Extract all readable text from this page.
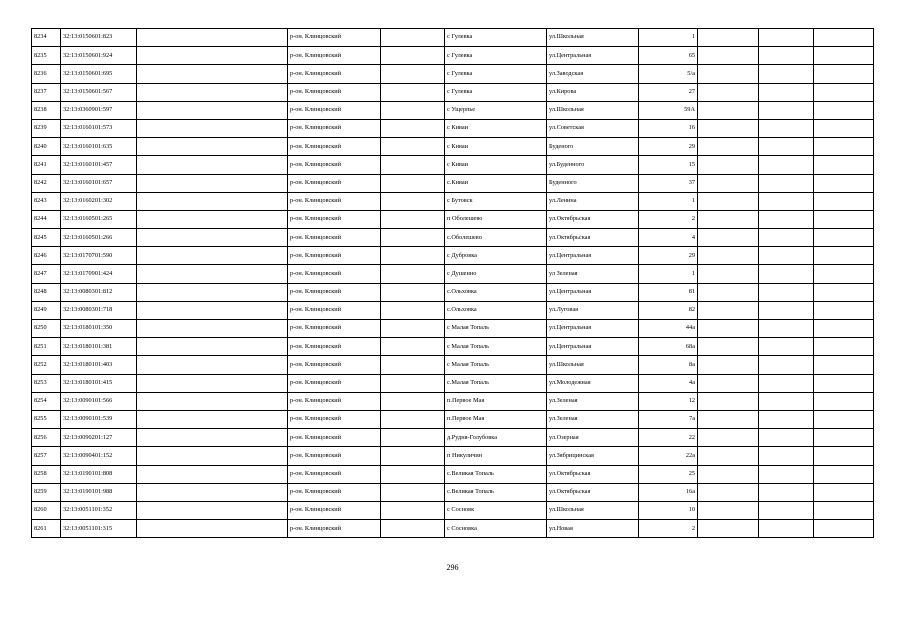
8234	32:13:0150601:823		р-он. Клинцовский		с Гулевка	ул.Школьная	1			
8235	32:13:0150601:924		р-он. Клинцовский		с Гулевка	ул.Центральная	65			
8236	32:13:0150601:695		р-он. Клинцовский		с Гулевка	ул.Заводская	5/а			
8237	32:13:0150601:567		р-он. Клинцовский		с Гулевка	ул.Кирова	27			
8238	32:13:0360901:597		р-он. Клинцовский		с Ущерпье	ул.Школьная	59А			
8239	32:13:0160101:573		р-он. Клинцовский		с Киваи	ул.Советская	16			
8240	32:13:0160101:635		р-он. Клинцовский		с Киваи	Буденого	29			
8241	32:13:0160101:457		р-он. Клинцовский		с Киваи	ул.Буденного	15			
8242	32:13:0160101:657		р-он. Клинцовский		с.Киваи	Буденного	37			
8243	32:13:0160201:302		р-он. Клинцовский		с Бутовск	ул.Ленина	1			
8244	32:13:0160501:265		р-он. Клинцовский		п Оболешево	ул.Октябрьская	2			
8245	32:13:0160501:266		р-он. Клинцовский		с.Оболешево	ул.Октябрьская	4			
8246	32:13:0170701:590		р-он. Клинцовский		с Дубровка	ул.Центральная	29			
8247	32:13:0170901:424		р-он. Клинцовский		с Душенно	ул Зеленая	1			
8248	32:13:0080301:812		р-он. Клинцовский		с.Ольховка	ул.Центральная	81			
8249	32:13:0080301:718		р-он. Клинцовский		с.Ольховка	ул.Луговая	82			
8250	32:13:0180101:350		р-он. Клинцовский		с Малая Топаль	ул.Центральная	44а			
8251	32:13:0180101:381		р-он. Клинцовский		с Малая Топаль	ул.Центральная	68а			
8252	32:13:0180101:403		р-он. Клинцовский		с Малая Топаль	ул.Школьная	8а			
8253	32:13:0180101:415		р-он. Клинцовский		с.Малая Топаль	ул.Молодежная	4а			
8254	32:13:0090101:566		р-он. Клинцовский		п.Первое Мая	ул.Зеленая	12			
8255	32:13:0090101:539		р-он. Клинцовский		п.Первое Мая	ул.Зеленая	7а			
8256	32:13:0090201:127		р-он. Клинцовский		д.Рудня-Голубовка	ул.Озерная	22			
8257	32:13:0090401:152		р-он. Клинцовский		п Никуличин	ул.Зябрицинская	22а			
8258	32:13:0190101:808		р-он. Клинцовский		с.Великая Топаль	ул.Октябрьская	25			
8259	32:13:0190101:988		р-он. Клинцовский		с.Великая Топаль	ул.Октябрьская	16а			
8260	32:13:0051101:352		р-он. Клинцовский		с Сосновк	ул.Школьная	10			
8261	32:13:0051101:315		р-он. Клинцовский		с Сосновка	ул.Новая	2			
296
